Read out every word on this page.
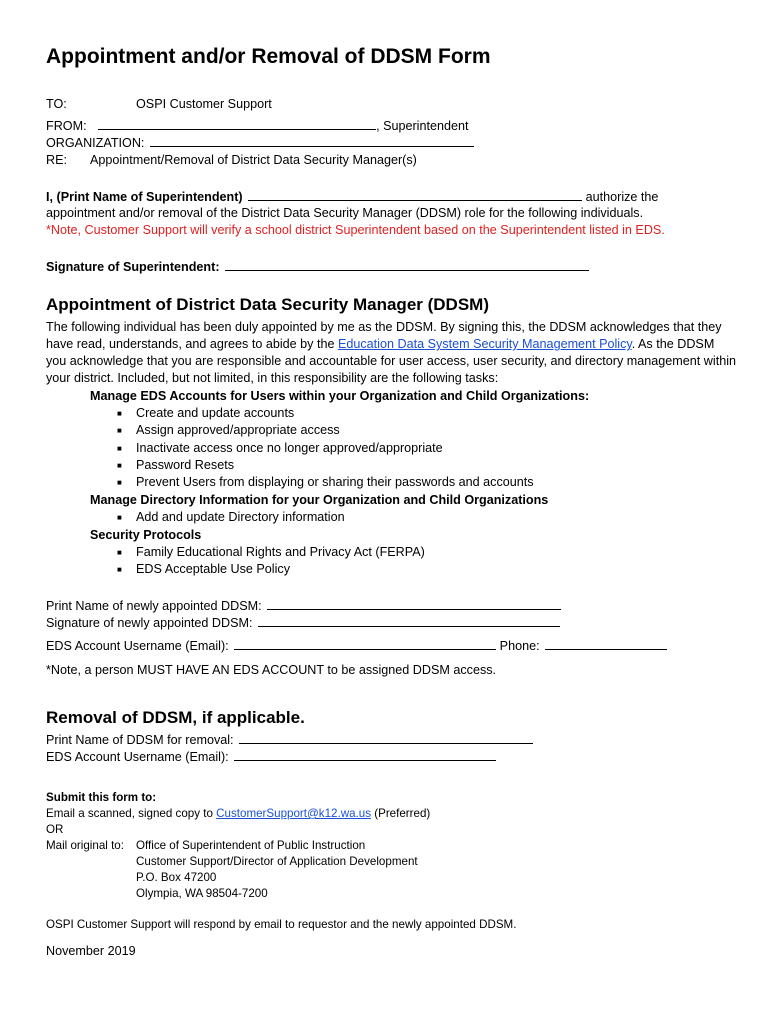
Appointment and/or Removal of DDSM Form
TO:	OSPI Customer Support
FROM:	, Superintendent
ORGANIZATION:
RE: Appointment/Removal of District Data Security Manager(s)
I, (Print Name of Superintendent)	authorize the
appointment and/or removal of the District Data Security Manager (DDSM) role for the following individuals.
*Note, Customer Support will verify a school district Superintendent based on the Superintendent listed in EDS.
Signature of Superintendent:
Appointment of District Data Security Manager (DDSM)
The following individual has been duly appointed by me as the DDSM. By signing this, the DDSM acknowledges that they have read, understands, and agrees to abide by the Education Data System Security Management Policy. As the DDSM you acknowledge that you are responsible and accountable for user access, user security, and directory management within your district. Included, but not limited, in this responsibility are the following tasks:
Manage EDS Accounts for Users within your Organization and Child Organizations:
■ Create and update accounts
■ Assign approved/appropriate access
■ Inactivate access once no longer approved/appropriate
■ Password Resets
■ Prevent Users from displaying or sharing their passwords and accounts
Manage Directory Information for your Organization and Child Organizations
■ Add and update Directory information
Security Protocols
■ Family Educational Rights and Privacy Act (FERPA)
■ EDS Acceptable Use Policy
Print Name of newly appointed DDSM:
Signature of newly appointed DDSM:
EDS Account Username (Email):	Phone:
*Note, a person MUST HAVE AN EDS ACCOUNT to be assigned DDSM access.
Removal of DDSM, if applicable.
Print Name of DDSM for removal:
EDS Account Username (Email):
Submit this form to:
Email a scanned, signed copy to CustomerSupport@k12.wa.us (Preferred)
OR
Mail original to: Office of Superintendent of Public Instruction
Customer Support/Director of Application Development
P.O. Box 47200
Olympia, WA 98504-7200
OSPI Customer Support will respond by email to requestor and the newly appointed DDSM.
November 2019
